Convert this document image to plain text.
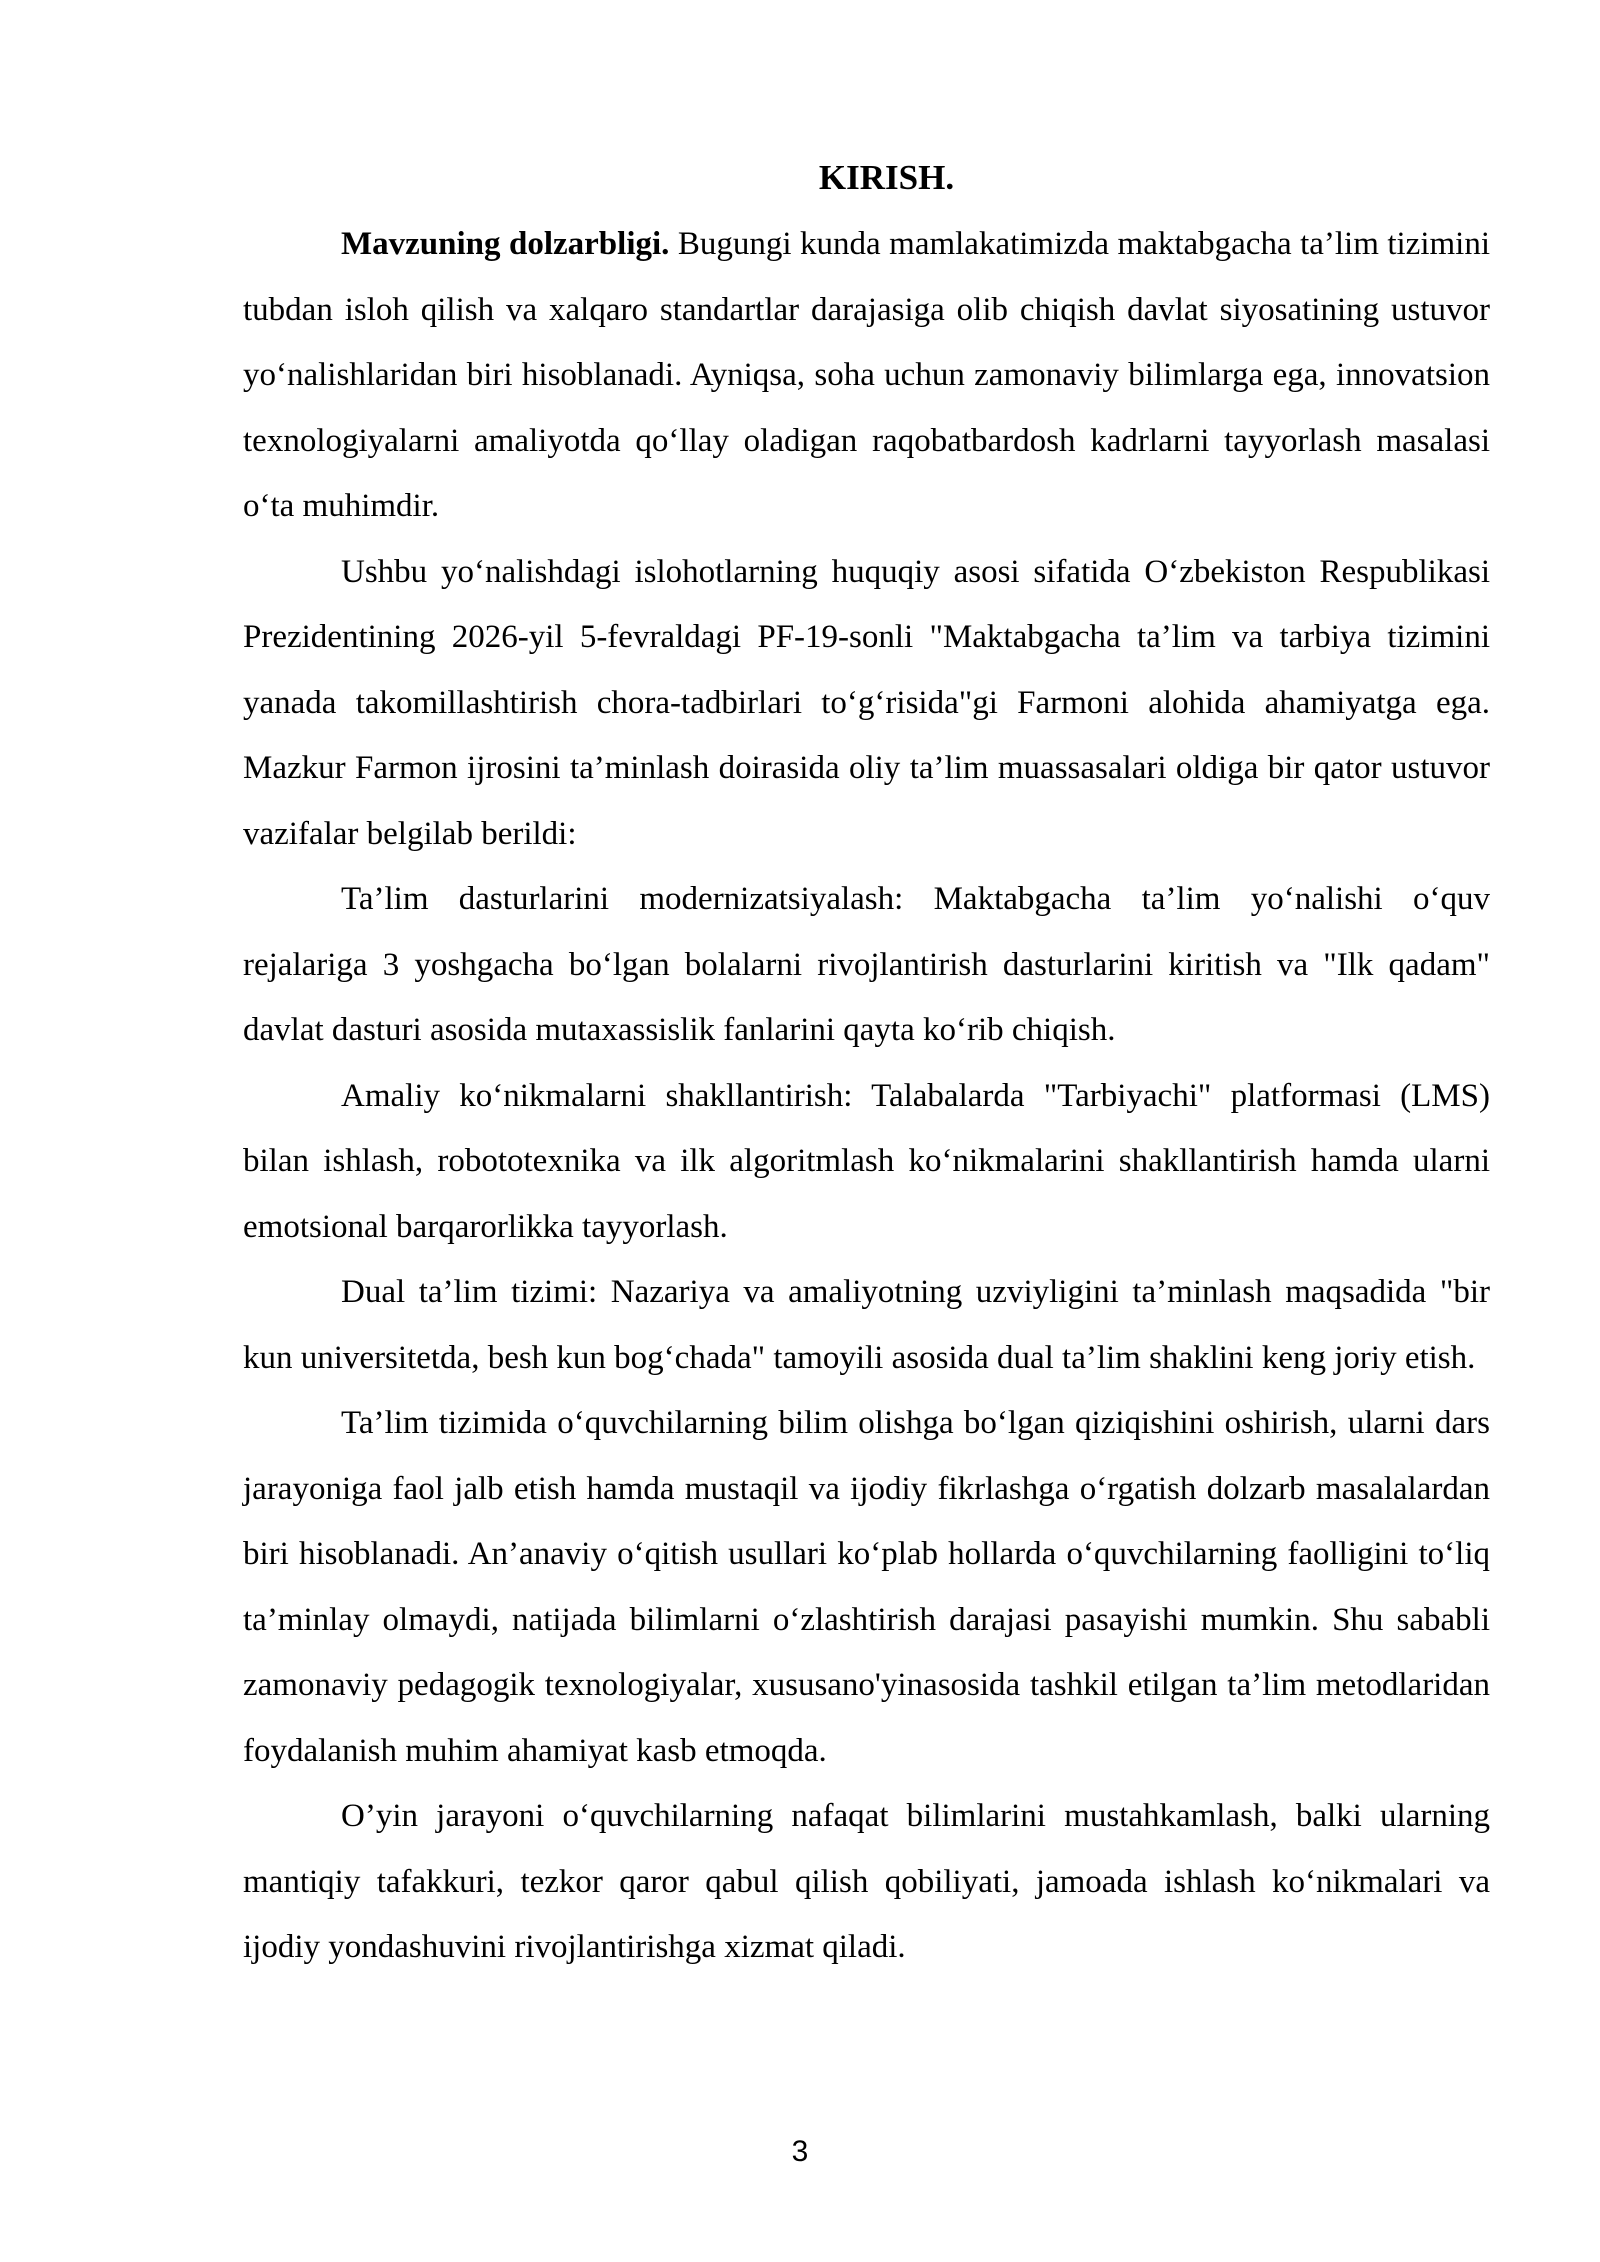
KIRISH.

Mavzuning dolzarbligi. Bugungi kunda mamlakatimizda maktabgacha ta’lim tizimini tubdan isloh qilish va xalqaro standartlar darajasiga olib chiqish davlat siyosatining ustuvor yo‘nalishlaridan biri hisoblanadi. Ayniqsa, soha uchun zamonaviy bilimlarga ega, innovatsion texnologiyalarni amaliyotda qo‘llay oladigan raqobatbardosh kadrlarni tayyorlash masalasi o‘ta muhimdir.

Ushbu yo‘nalishdagi islohotlarning huquqiy asosi sifatida O‘zbekiston Respublikasi Prezidentining 2026-yil 5-fevraldagi PF-19-sonli "Maktabgacha ta’lim va tarbiya tizimini yanada takomillashtirish chora-tadbirlari to‘g‘risida"gi Farmoni alohida ahamiyatga ega. Mazkur Farmon ijrosini ta’minlash doirasida oliy ta’lim muassasalari oldiga bir qator ustuvor vazifalar belgilab berildi:

Ta’lim dasturlarini modernizatsiyalash: Maktabgacha ta’lim yo‘nalishi o‘quv rejalariga 3 yoshgacha bo‘lgan bolalarni rivojlantirish dasturlarini kiritish va "Ilk qadam" davlat dasturi asosida mutaxassislik fanlarini qayta ko‘rib chiqish.

Amaliy ko‘nikmalarni shakllantirish: Talabalarda "Tarbiyachi" platformasi (LMS) bilan ishlash, robototexnika va ilk algoritmlash ko‘nikmalarini shakllantirish hamda ularni emotsional barqarorlikka tayyorlash.

Dual ta’lim tizimi: Nazariya va amaliyotning uzviyligini ta’minlash maqsadida "bir kun universitetda, besh kun bog‘chada" tamoyili asosida dual ta’lim shaklini keng joriy etish.

Ta’lim tizimida o‘quvchilarning bilim olishga bo‘lgan qiziqishini oshirish, ularni dars jarayoniga faol jalb etish hamda mustaqil va ijodiy fikrlashga o‘rgatish dolzarb masalalardan biri hisoblanadi. An’anaviy o‘qitish usullari ko‘plab hollarda o‘quvchilarning faolligini to‘liq ta’minlay olmaydi, natijada bilimlarni o‘zlashtirish darajasi pasayishi mumkin. Shu sababli zamonaviy pedagogik texnologiyalar, xususano'yinasosida tashkil etilgan ta’lim metodlaridan foydalanish muhim ahamiyat kasb etmoqda.

O’yin jarayoni o‘quvchilarning nafaqat bilimlarini mustahkamlash, balki ularning mantiqiy tafakkuri, tezkor qaror qabul qilish qobiliyati, jamoada ishlash ko‘nikmalari va ijodiy yondashuvini rivojlantirishga xizmat qiladi.

3
